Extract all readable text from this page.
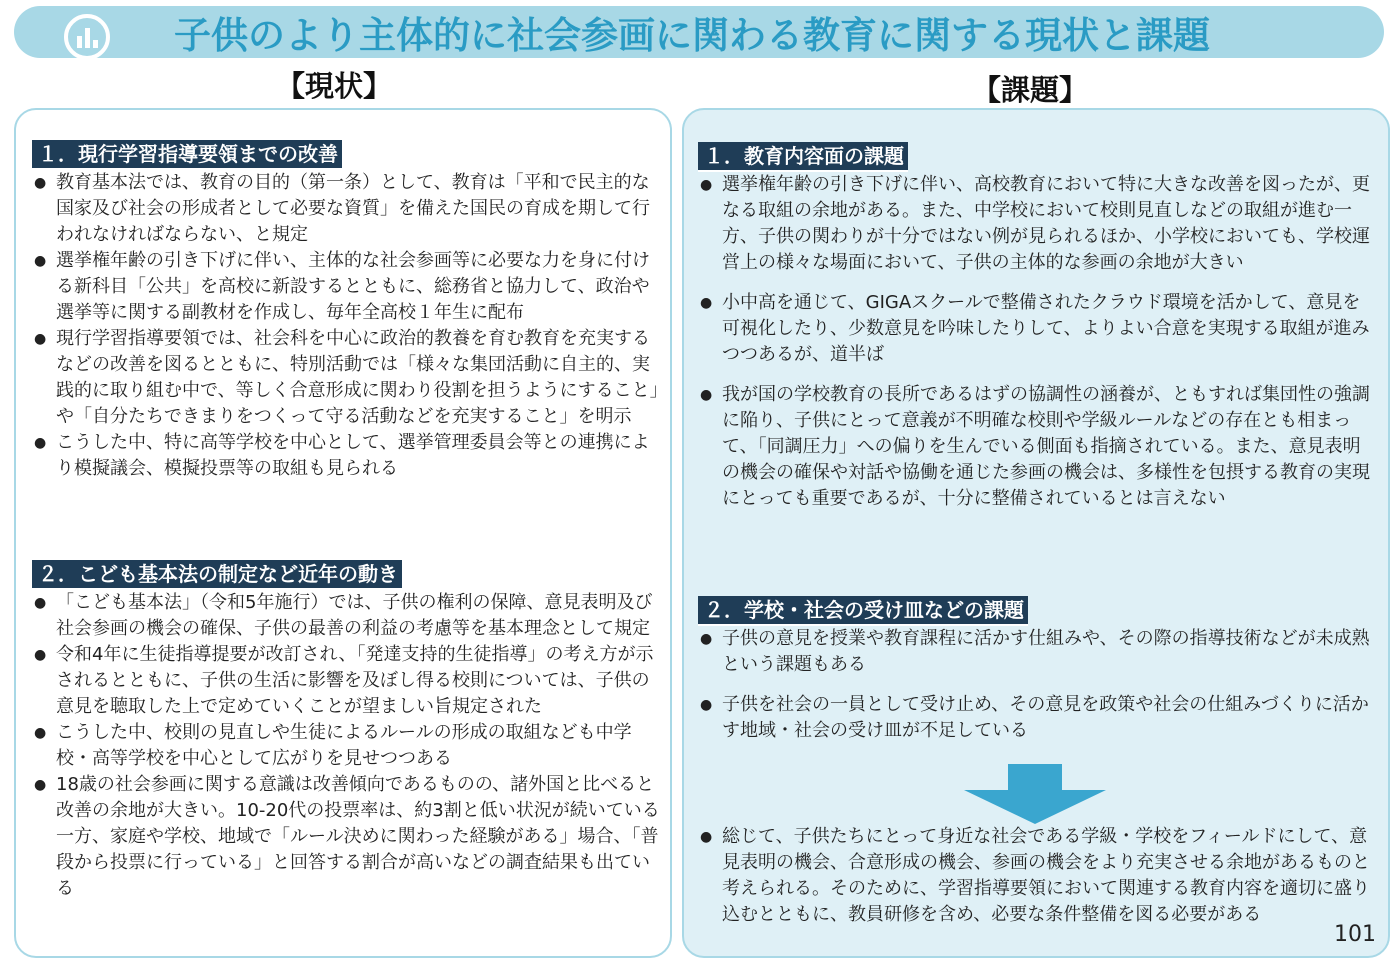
子供のより主体的に社会参画に関わる教育に関する現状と課題
【現状】	【課題】
１．現行学習指導要領までの改善
● 教育基本法では、教育の目的（第一条）として、教育は「平和で民主的な国家及び社会の形成者として必要な資質」を備えた国民の育成を期して行われなければならない、と規定
● 選挙権年齢の引き下げに伴い、主体的な社会参画等に必要な力を身に付ける新科目「公共」を高校に新設するとともに、総務省と協力して、政治や選挙等に関する副教材を作成し、毎年全高校１年生に配布
● 現行学習指導要領では、社会科を中心に政治的教養を育む教育を充実するなどの改善を図るとともに、特別活動では「様々な集団活動に自主的、実践的に取り組む中で、等しく合意形成に関わり役割を担うようにすること」や「自分たちできまりをつくって守る活動などを充実すること」を明示
● こうした中、特に高等学校を中心として、選挙管理委員会等との連携により模擬議会、模擬投票等の取組も見られる
２．こども基本法の制定など近年の動き
● 「こども基本法」（令和5年施行）では、子供の権利の保障、意見表明及び社会参画の機会の確保、子供の最善の利益の考慮等を基本理念として規定
● 令和4年に生徒指導提要が改訂され、「発達支持的生徒指導」の考え方が示されるとともに、子供の生活に影響を及ぼし得る校則については、子供の意見を聴取した上で定めていくことが望ましい旨規定された
● こうした中、校則の見直しや生徒によるルールの形成の取組なども中学校・高等学校を中心として広がりを見せつつある
● 18歳の社会参画に関する意識は改善傾向であるものの、諸外国と比べると改善の余地が大きい。10-20代の投票率は、約3割と低い状況が続いている一方、家庭や学校、地域で「ルール決めに関わった経験がある」場合、「普段から投票に行っている」と回答する割合が高いなどの調査結果も出ている
１．教育内容面の課題
● 選挙権年齢の引き下げに伴い、高校教育において特に大きな改善を図ったが、更なる取組の余地がある。また、中学校において校則見直しなどの取組が進む一方、子供の関わりが十分ではない例が見られるほか、小学校においても、学校運営上の様々な場面において、子供の主体的な参画の余地が大きい
● 小中高を通じて、GIGAスクールで整備されたクラウド環境を活かして、意見を可視化したり、少数意見を吟味したりして、よりよい合意を実現する取組が進みつつあるが、道半ば
● 我が国の学校教育の長所であるはずの協調性の涵養が、ともすれば集団性の強調に陥り、子供にとって意義が不明確な校則や学級ルールなどの存在とも相まって、「同調圧力」への偏りを生んでいる側面も指摘されている。また、意見表明の機会の確保や対話や協働を通じた参画の機会は、多様性を包摂する教育の実現にとっても重要であるが、十分に整備されているとは言えない
２．学校・社会の受け皿などの課題
● 子供の意見を授業や教育課程に活かす仕組みや、その際の指導技術などが未成熟という課題もある
● 子供を社会の一員として受け止め、その意見を政策や社会の仕組みづくりに活かす地域・社会の受け皿が不足している
● 総じて、子供たちにとって身近な社会である学級・学校をフィールドにして、意見表明の機会、合意形成の機会、参画の機会をより充実させる余地があるものと考えられる。そのために、学習指導要領において関連する教育内容を適切に盛り込むとともに、教員研修を含め、必要な条件整備を図る必要がある
101
